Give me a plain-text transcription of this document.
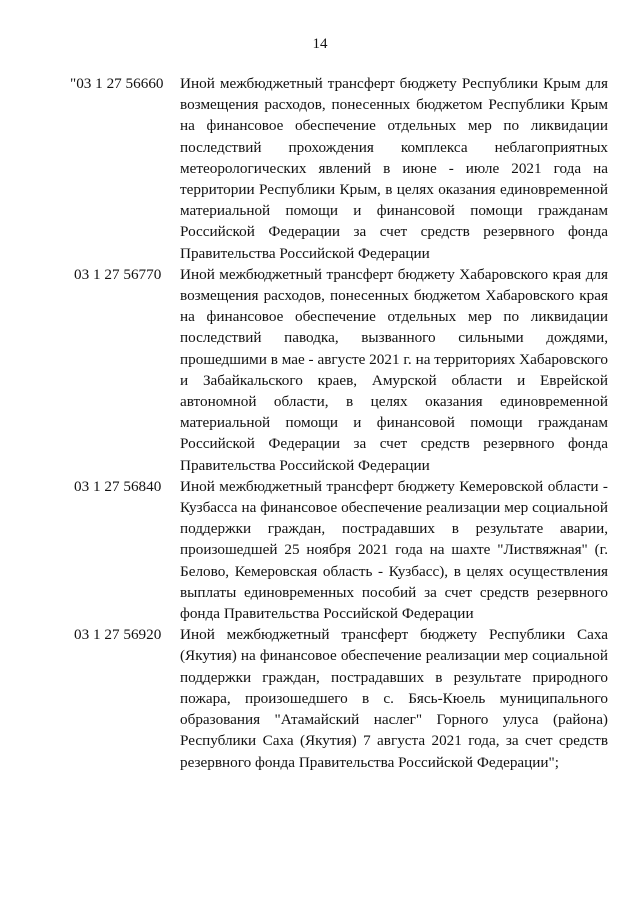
14
"03 1 27 56660	Иной межбюджетный трансферт бюджету Республики Крым для возмещения расходов, понесенных бюджетом Республики Крым на финансовое обеспечение отдельных мер по ликвидации последствий прохождения комплекса неблагоприятных метеорологических явлений в июне - июле 2021 года на территории Республики Крым, в целях оказания единовременной материальной помощи и финансовой помощи гражданам Российской Федерации за счет средств резервного фонда Правительства Российской Федерации
03 1 27 56770	Иной межбюджетный трансферт бюджету Хабаровского края для возмещения расходов, понесенных бюджетом Хабаровского края на финансовое обеспечение отдельных мер по ликвидации последствий паводка, вызванного сильными дождями, прошедшими в мае - августе 2021 г. на территориях Хабаровского и Забайкальского краев, Амурской области и Еврейской автономной области, в целях оказания единовременной материальной помощи и финансовой помощи гражданам Российской Федерации за счет средств резервного фонда Правительства Российской Федерации
03 1 27 56840	Иной межбюджетный трансферт бюджету Кемеровской области - Кузбасса на финансовое обеспечение реализации мер социальной поддержки граждан, пострадавших в результате аварии, произошедшей 25 ноября 2021 года на шахте "Листвяжная" (г. Белово, Кемеровская область - Кузбасс), в целях осуществления выплаты единовременных пособий за счет средств резервного фонда Правительства Российской Федерации
03 1 27 56920	Иной межбюджетный трансферт бюджету Республики Саха (Якутия) на финансовое обеспечение реализации мер социальной поддержки граждан, пострадавших в результате природного пожара, произошедшего в с. Бясь-Кюель муниципального образования "Атамайский наслег" Горного улуса (района) Республики Саха (Якутия) 7 августа 2021 года, за счет средств резервного фонда Правительства Российской Федерации";
